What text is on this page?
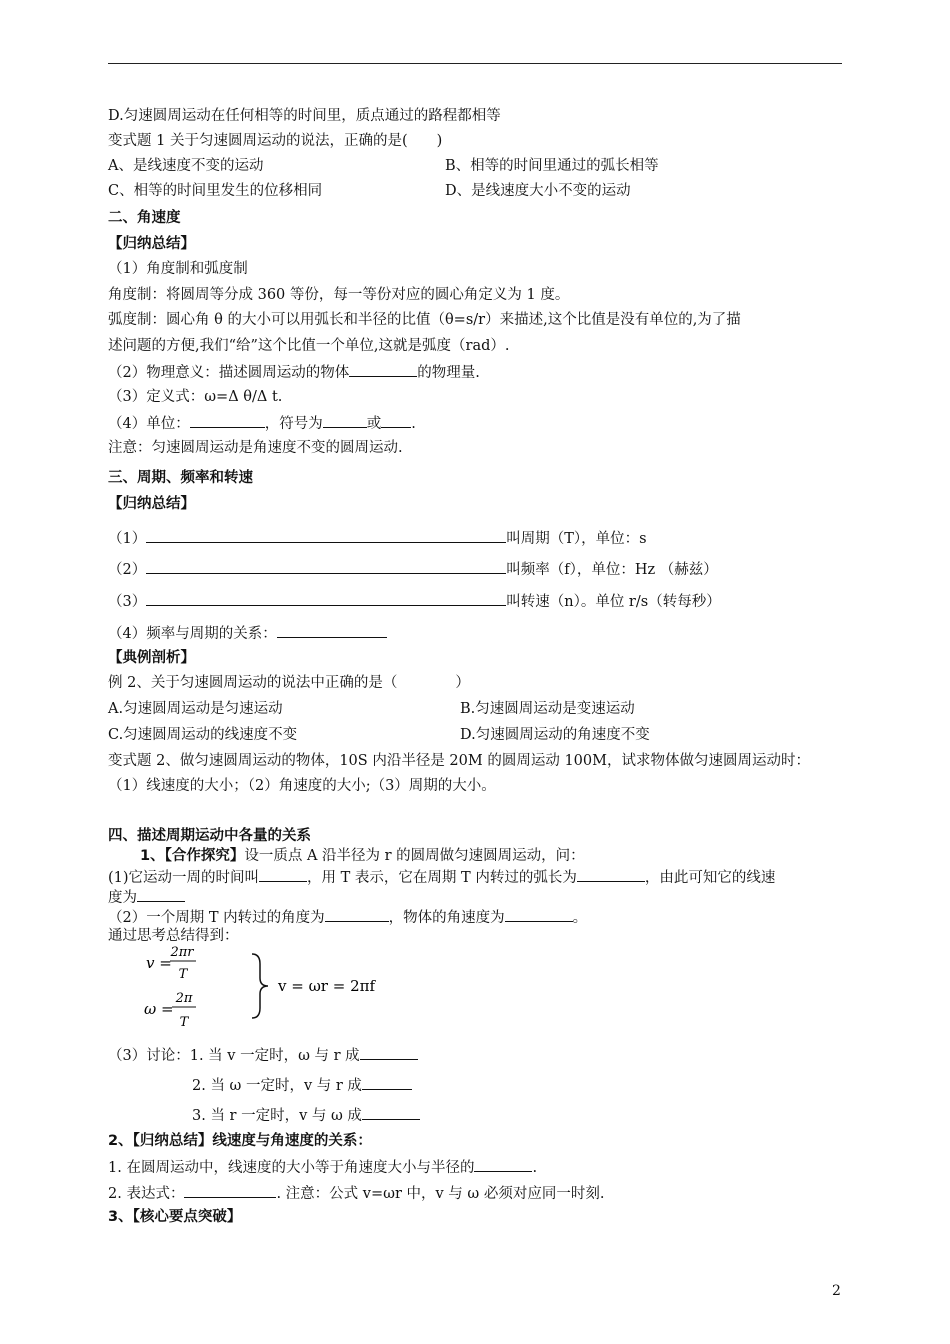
D.匀速圆周运动在任何相等的时间里，质点通过的路程都相等
变式题 1 关于匀速圆周运动的说法，正确的是(　　)
A、是线速度不变的运动	B、相等的时间里通过的弧长相等
C、相等的时间里发生的位移相同	D、是线速度大小不变的运动
二、角速度
【归纳总结】
（1）角度制和弧度制
角度制：将圆周等分成 360 等份，每一等份对应的圆心角定义为 1 度。
弧度制：圆心角 θ 的大小可以用弧长和半径的比值（θ=s/r）来描述,这个比值是没有单位的,为了描
述问题的方便,我们“给”这个比值一个单位,这就是弧度（rad）.
（2）物理意义：描述圆周运动的物体	的物理量.
（3）定义式：ω=Δ θ/Δ t.
（4）单位：	，符号为	或 .
注意：匀速圆周运动是角速度不变的圆周运动.
三、周期、频率和转速
【归纳总结】
（1）	叫周期（T），单位：s
（2）	叫频率（f），单位：Hz （赫兹）
（3）	叫转速（n）。单位 r/s（转每秒）
（4）频率与周期的关系：
【典例剖析】
例 2、关于匀速圆周运动的说法中正确的是（　　　　）
A.匀速圆周运动是匀速运动	B.匀速圆周运动是变速运动
C.匀速圆周运动的线速度不变	D.匀速圆周运动的角速度不变
变式题 2、做匀速圆周运动的物体，10S 内沿半径是 20M 的圆周运动 100M，试求物体做匀速圆周运动时：
（1）线速度的大小；（2）角速度的大小;（3）周期的大小。
四、描述周期运动中各量的关系
1、【合作探究】设一质点 A 沿半径为 r 的圆周做匀速圆周运动，问：
(1)它运动一周的时间叫	，用 T 表示，它在周期 T 内转过的弧长为	，由此可知它的线速
度为
（2）一个周期 T 内转过的角度为	，物体的角速度为	。
通过思考总结得到：
v =
2πr
T
ω =
2π
T
v = ωr = 2πf
（3）讨论：1. 当 v 一定时，ω 与 r 成
2. 当 ω 一定时，v 与 r 成
3. 当 r 一定时，v 与 ω 成
2、【归纳总结】线速度与角速度的关系：
1. 在圆周运动中，线速度的大小等于角速度大小与半径的	.
2. 表达式：	. 注意：公式 v=ωr 中，v 与 ω 必须对应同一时刻.
3、【核心要点突破】
2
